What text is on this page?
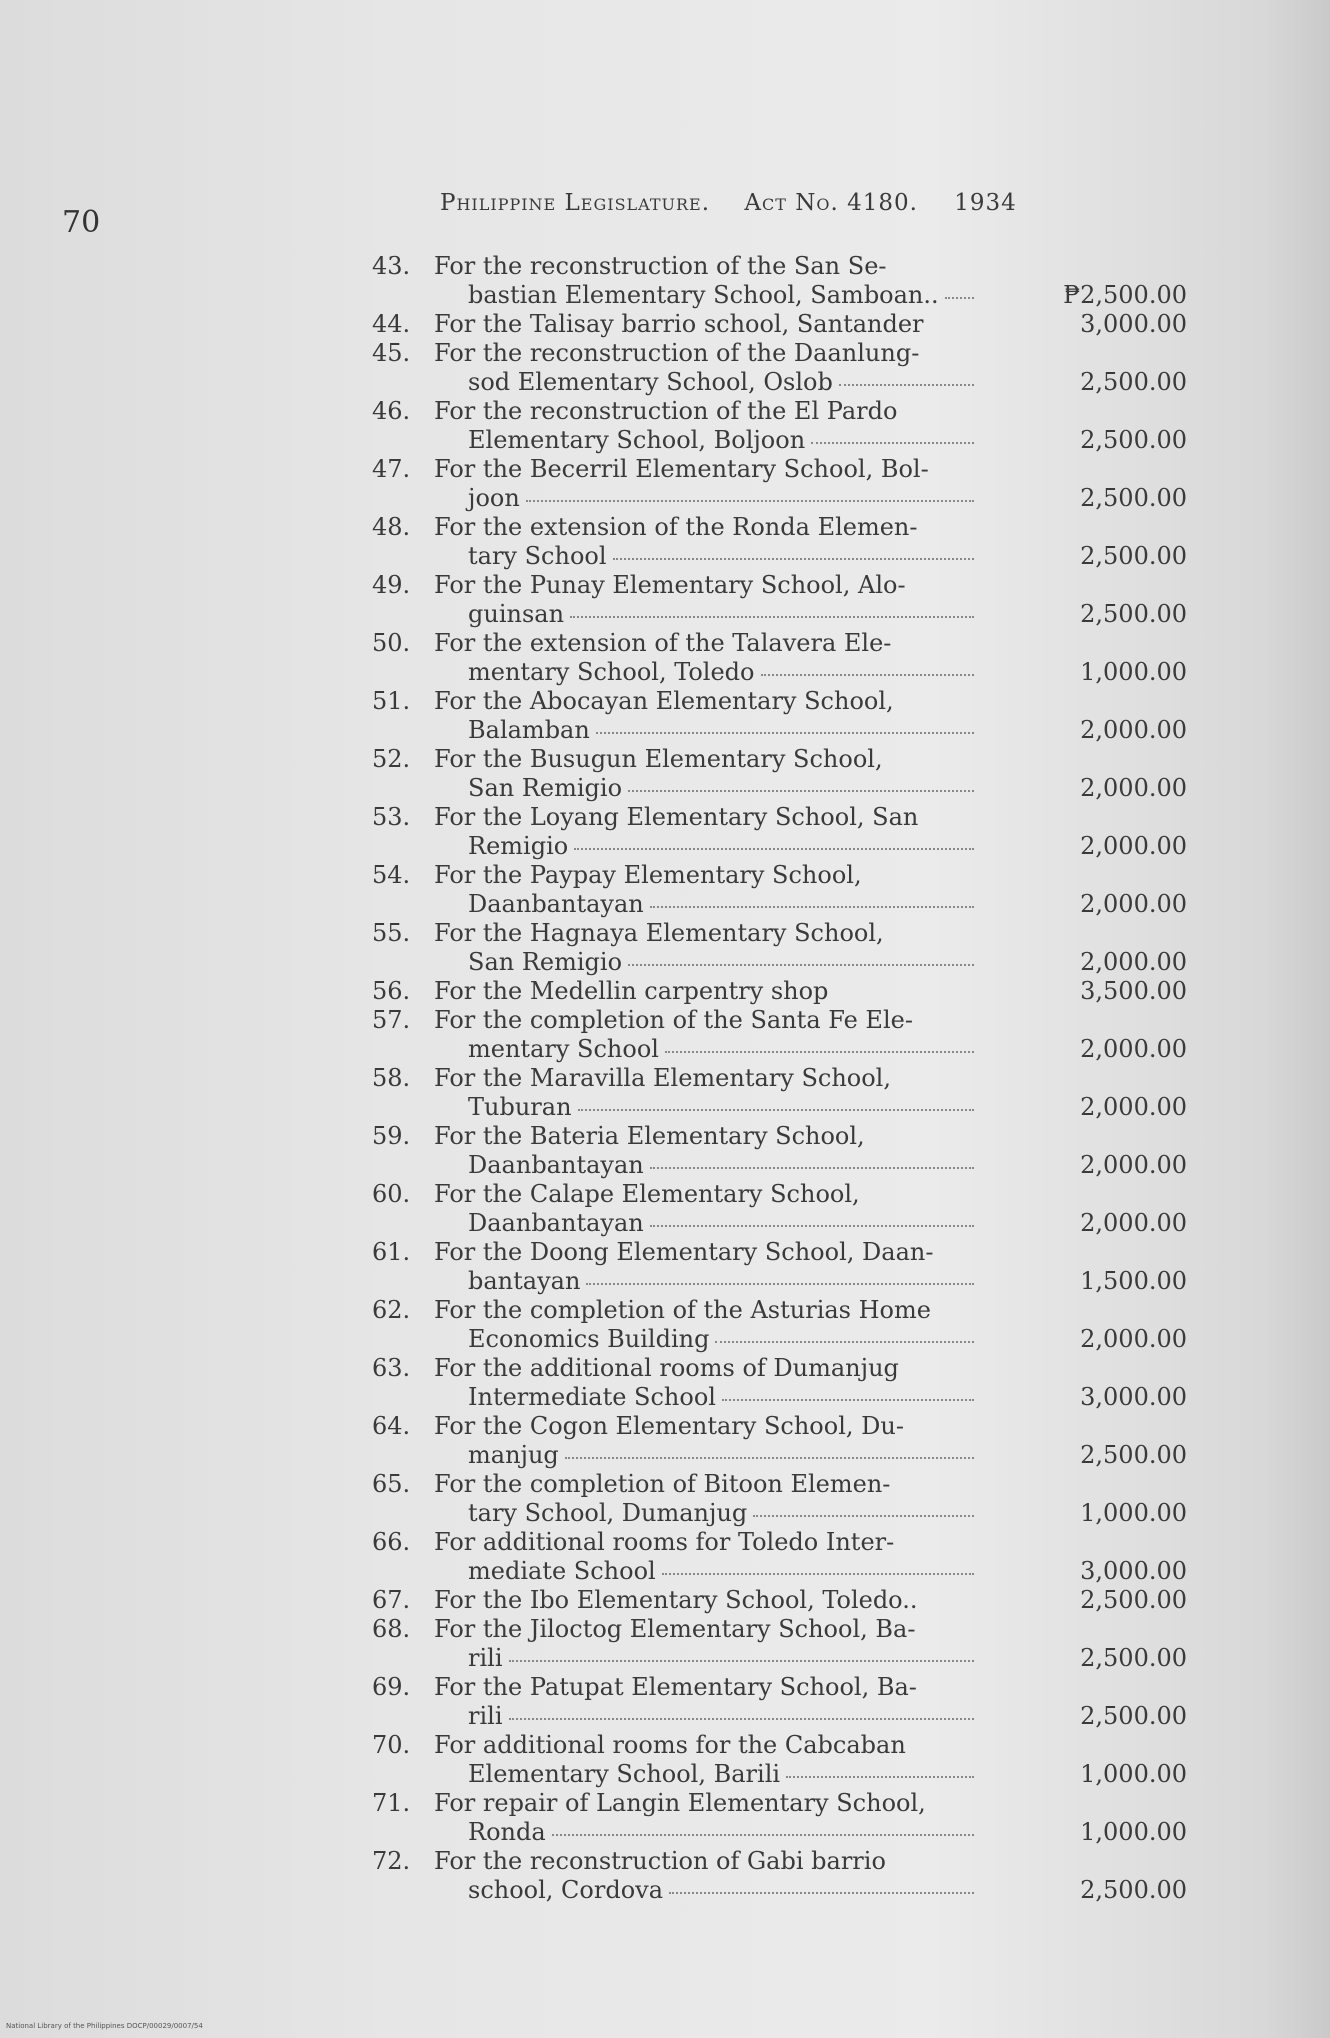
70
Philippine Legislature. Act No. 4180. 1934
43. For the reconstruction of the San Se-
bastian Elementary School, Samboan..	₱2,500.00
44. For the Talisay barrio school, Santander	3,000.00
45. For the reconstruction of the Daanlung-
sod Elementary School, Oslob	2,500.00
46. For the reconstruction of the El Pardo
Elementary School, Boljoon	2,500.00
47. For the Becerril Elementary School, Bol-
joon	2,500.00
48. For the extension of the Ronda Elemen-
tary School	2,500.00
49. For the Punay Elementary School, Alo-
guinsan	2,500.00
50. For the extension of the Talavera Ele-
mentary School, Toledo	1,000.00
51. For the Abocayan Elementary School,
Balamban	2,000.00
52. For the Busugun Elementary School,
San Remigio	2,000.00
53. For the Loyang Elementary School, San
Remigio	2,000.00
54. For the Paypay Elementary School,
Daanbantayan	2,000.00
55. For the Hagnaya Elementary School,
San Remigio	2,000.00
56. For the Medellin carpentry shop	3,500.00
57. For the completion of the Santa Fe Ele-
mentary School	2,000.00
58. For the Maravilla Elementary School,
Tuburan	2,000.00
59. For the Bateria Elementary School,
Daanbantayan	2,000.00
60. For the Calape Elementary School,
Daanbantayan	2,000.00
61. For the Doong Elementary School, Daan-
bantayan	1,500.00
62. For the completion of the Asturias Home
Economics Building	2,000.00
63. For the additional rooms of Dumanjug
Intermediate School	3,000.00
64. For the Cogon Elementary School, Du-
manjug	2,500.00
65. For the completion of Bitoon Elemen-
tary School, Dumanjug	1,000.00
66. For additional rooms for Toledo Inter-
mediate School	3,000.00
67. For the Ibo Elementary School, Toledo..	2,500.00
68. For the Jiloctog Elementary School, Ba-
rili	2,500.00
69. For the Patupat Elementary School, Ba-
rili	2,500.00
70. For additional rooms for the Cabcaban
Elementary School, Barili	1,000.00
71. For repair of Langin Elementary School,
Ronda	1,000.00
72. For the reconstruction of Gabi barrio
school, Cordova	2,500.00
National Library of the Philippines DOCP/00029/0007/54
